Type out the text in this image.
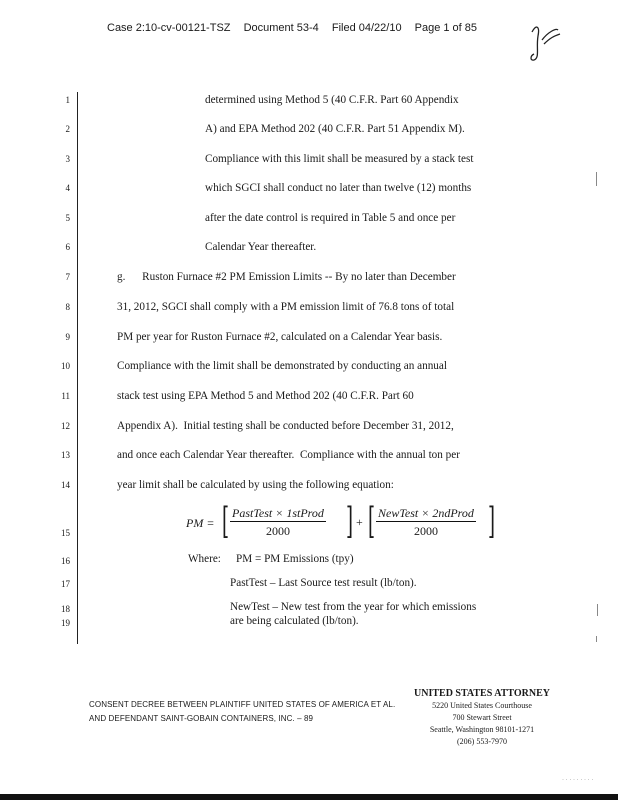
Case 2:10-cv-00121-TSZ Document 53-4 Filed 04/22/10 Page 1 of 85
1
2
3
4
5
6
7
8
9
10
11
12
13
14
15
16
17
18
19
determined using Method 5 (40 C.F.R. Part 60 Appendix
A) and EPA Method 202 (40 C.F.R. Part 51 Appendix M).
Compliance with this limit shall be measured by a stack test
which SGCI shall conduct no later than twelve (12) months
after the date control is required in Table 5 and once per
Calendar Year thereafter.
g.      Ruston Furnace #2 PM Emission Limits -- By no later than December
31, 2012, SGCI shall comply with a PM emission limit of 76.8 tons of total
PM per year for Ruston Furnace #2, calculated on a Calendar Year basis.
Compliance with the limit shall be demonstrated by conducting an annual
stack test using EPA Method 5 and Method 202 (40 C.F.R. Part 60
Appendix A).  Initial testing shall be conducted before December 31, 2012,
and once each Calendar Year thereafter.  Compliance with the annual ton per
year limit shall be calculated by using the following equation:
PM = [ PastTest × 1stProd
2000	] + [ NewTest × 2ndProd
2000	]
Where: PM = PM Emissions (tpy)
PastTest – Last Source test result (lb/ton).
NewTest – New test from the year for which emissions
are being calculated (lb/ton).
CONSENT DECREE BETWEEN PLAINTIFF UNITED STATES OF AMERICA ET AL.
AND DEFENDANT SAINT-GOBAIN CONTAINERS, INC. – 89
UNITED STATES ATTORNEY
5220 United States Courthouse
700 Stewart Street
Seattle, Washington 98101-1271
(206) 553-7970
· · · · · · · · ·
